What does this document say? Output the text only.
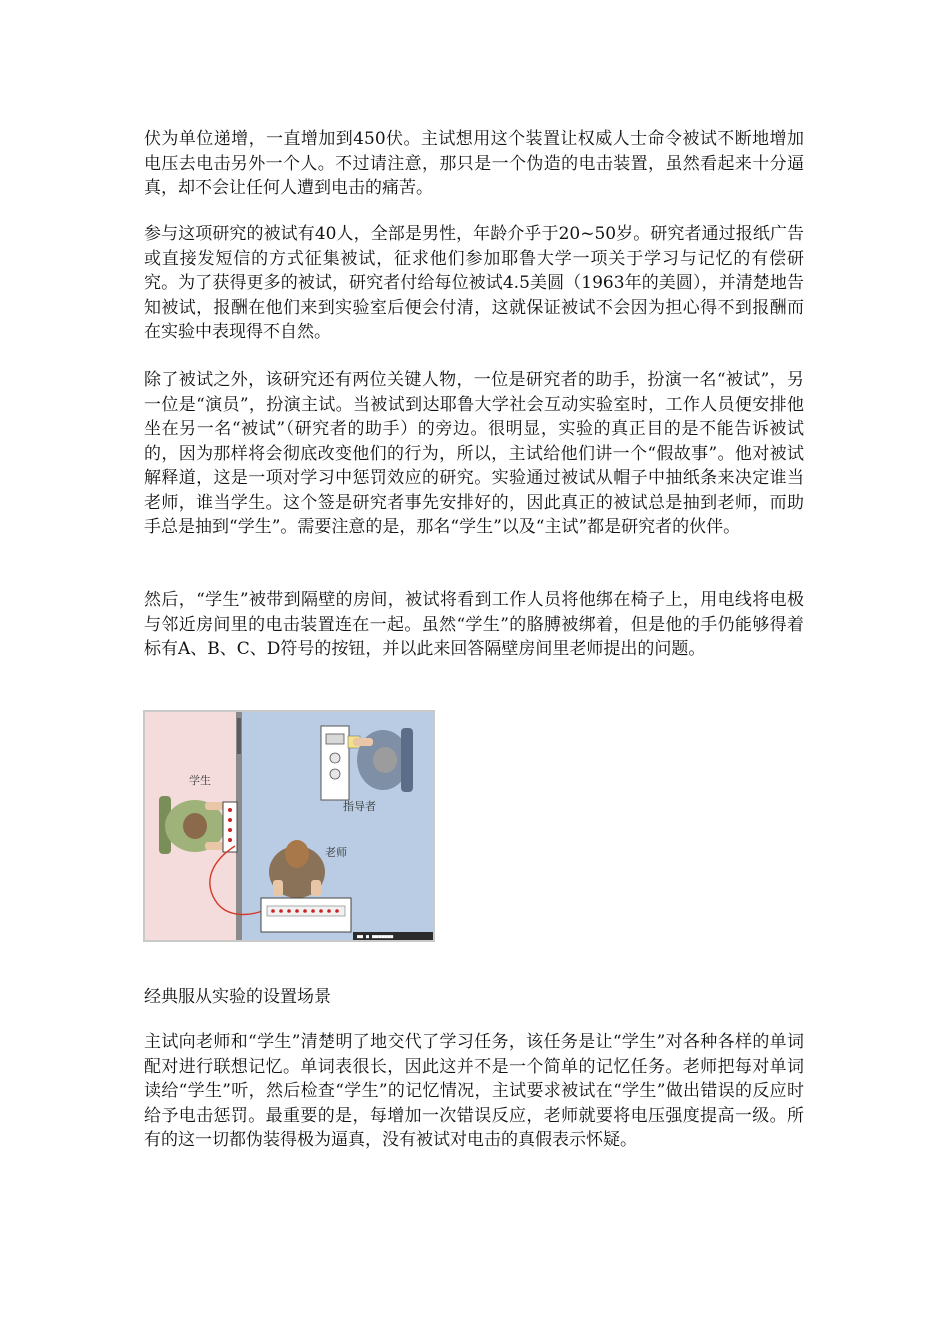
伏为单位递增，一直增加到450伏。主试想用这个装置让权威人士命令被试不断地增加电压去电击另外一个人。不过请注意，那只是一个伪造的电击装置，虽然看起来十分逼真，却不会让任何人遭到电击的痛苦。

参与这项研究的被试有40人，全部是男性，年龄介乎于20~50岁。研究者通过报纸广告或直接发短信的方式征集被试，征求他们参加耶鲁大学一项关于学习与记忆的有偿研究。为了获得更多的被试，研究者付给每位被试4.5美圆（1963年的美圆），并清楚地告知被试，报酬在他们来到实验室后便会付清，这就保证被试不会因为担心得不到报酬而在实验中表现得不自然。

除了被试之外，该研究还有两位关键人物，一位是研究者的助手，扮演一名“被试”，另一位是“演员”，扮演主试。当被试到达耶鲁大学社会互动实验室时，工作人员便安排他坐在另一名“被试”（研究者的助手）的旁边。很明显，实验的真正目的是不能告诉被试的，因为那样将会彻底改变他们的行为，所以，主试给他们讲一个“假故事”。他对被试解释道，这是一项对学习中惩罚效应的研究。实验通过被试从帽子中抽纸条来决定谁当老师，谁当学生。这个签是研究者事先安排好的，因此真正的被试总是抽到老师，而助手总是抽到“学生”。需要注意的是，那名“学生”以及“主试”都是研究者的伙伴。

然后，“学生”被带到隔壁的房间，被试将看到工作人员将他绑在椅子上，用电线将电极与邻近房间里的电击装置连在一起。虽然“学生”的胳膊被绑着，但是他的手仍能够得着标有A、B、C、D符号的按钮，并以此来回答隔壁房间里老师提出的问题。

学生
指导者
老师
■■ ■ ■■■■■■■

经典服从实验的设置场景

主试向老师和“学生”清楚明了地交代了学习任务，该任务是让“学生”对各种各样的单词配对进行联想记忆。单词表很长，因此这并不是一个简单的记忆任务。老师把每对单词读给“学生”听，然后检查“学生”的记忆情况，主试要求被试在“学生”做出错误的反应时给予电击惩罚。最重要的是，每增加一次错误反应，老师就要将电压强度提高一级。所有的这一切都伪装得极为逼真，没有被试对电击的真假表示怀疑。
